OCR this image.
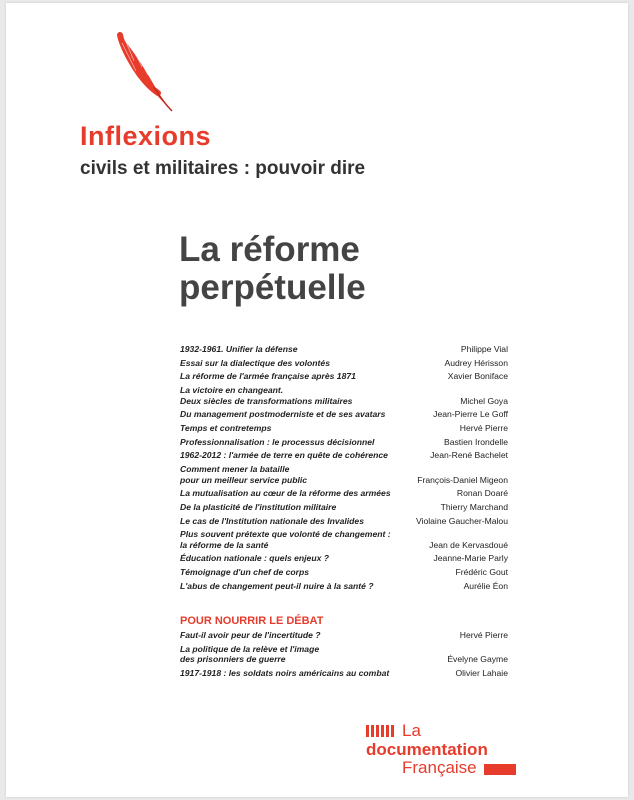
Inflexions
civils et militaires : pouvoir dire
La réforme
perpétuelle
1932-1961. Unifier la défense	Philippe Vial
Essai sur la dialectique des volontés	Audrey Hérisson
La réforme de l'armée française après 1871	Xavier Boniface
La victoire en changeant.
Deux siècles de transformations militaires	Michel Goya
Du management postmoderniste et de ses avatars	Jean-Pierre Le Goff
Temps et contretemps	Hervé Pierre
Professionnalisation : le processus décisionnel	Bastien Irondelle
1962-2012 : l'armée de terre en quête de cohérence	Jean-René Bachelet
Comment mener la bataille
pour un meilleur service public	François-Daniel Migeon
La mutualisation au cœur de la réforme des armées	Ronan Doaré
De la plasticité de l'institution militaire	Thierry Marchand
Le cas de l'Institution nationale des Invalides	Violaine Gaucher-Malou
Plus souvent prétexte que volonté de changement :
la réforme de la santé	Jean de Kervasdoué
Éducation nationale : quels enjeux ?	Jeanne-Marie Parly
Témoignage d'un chef de corps	Frédéric Gout
L'abus de changement peut-il nuire à la santé ?	Aurélie Éon
POUR NOURRIR LE DÉBAT
Faut-il avoir peur de l'incertitude ?	Hervé Pierre
La politique de la relève et l'image
des prisonniers de guerre	Évelyne Gayme
1917-1918 : les soldats noirs américains au combat	Olivier Lahaie
La
documentation
Française
